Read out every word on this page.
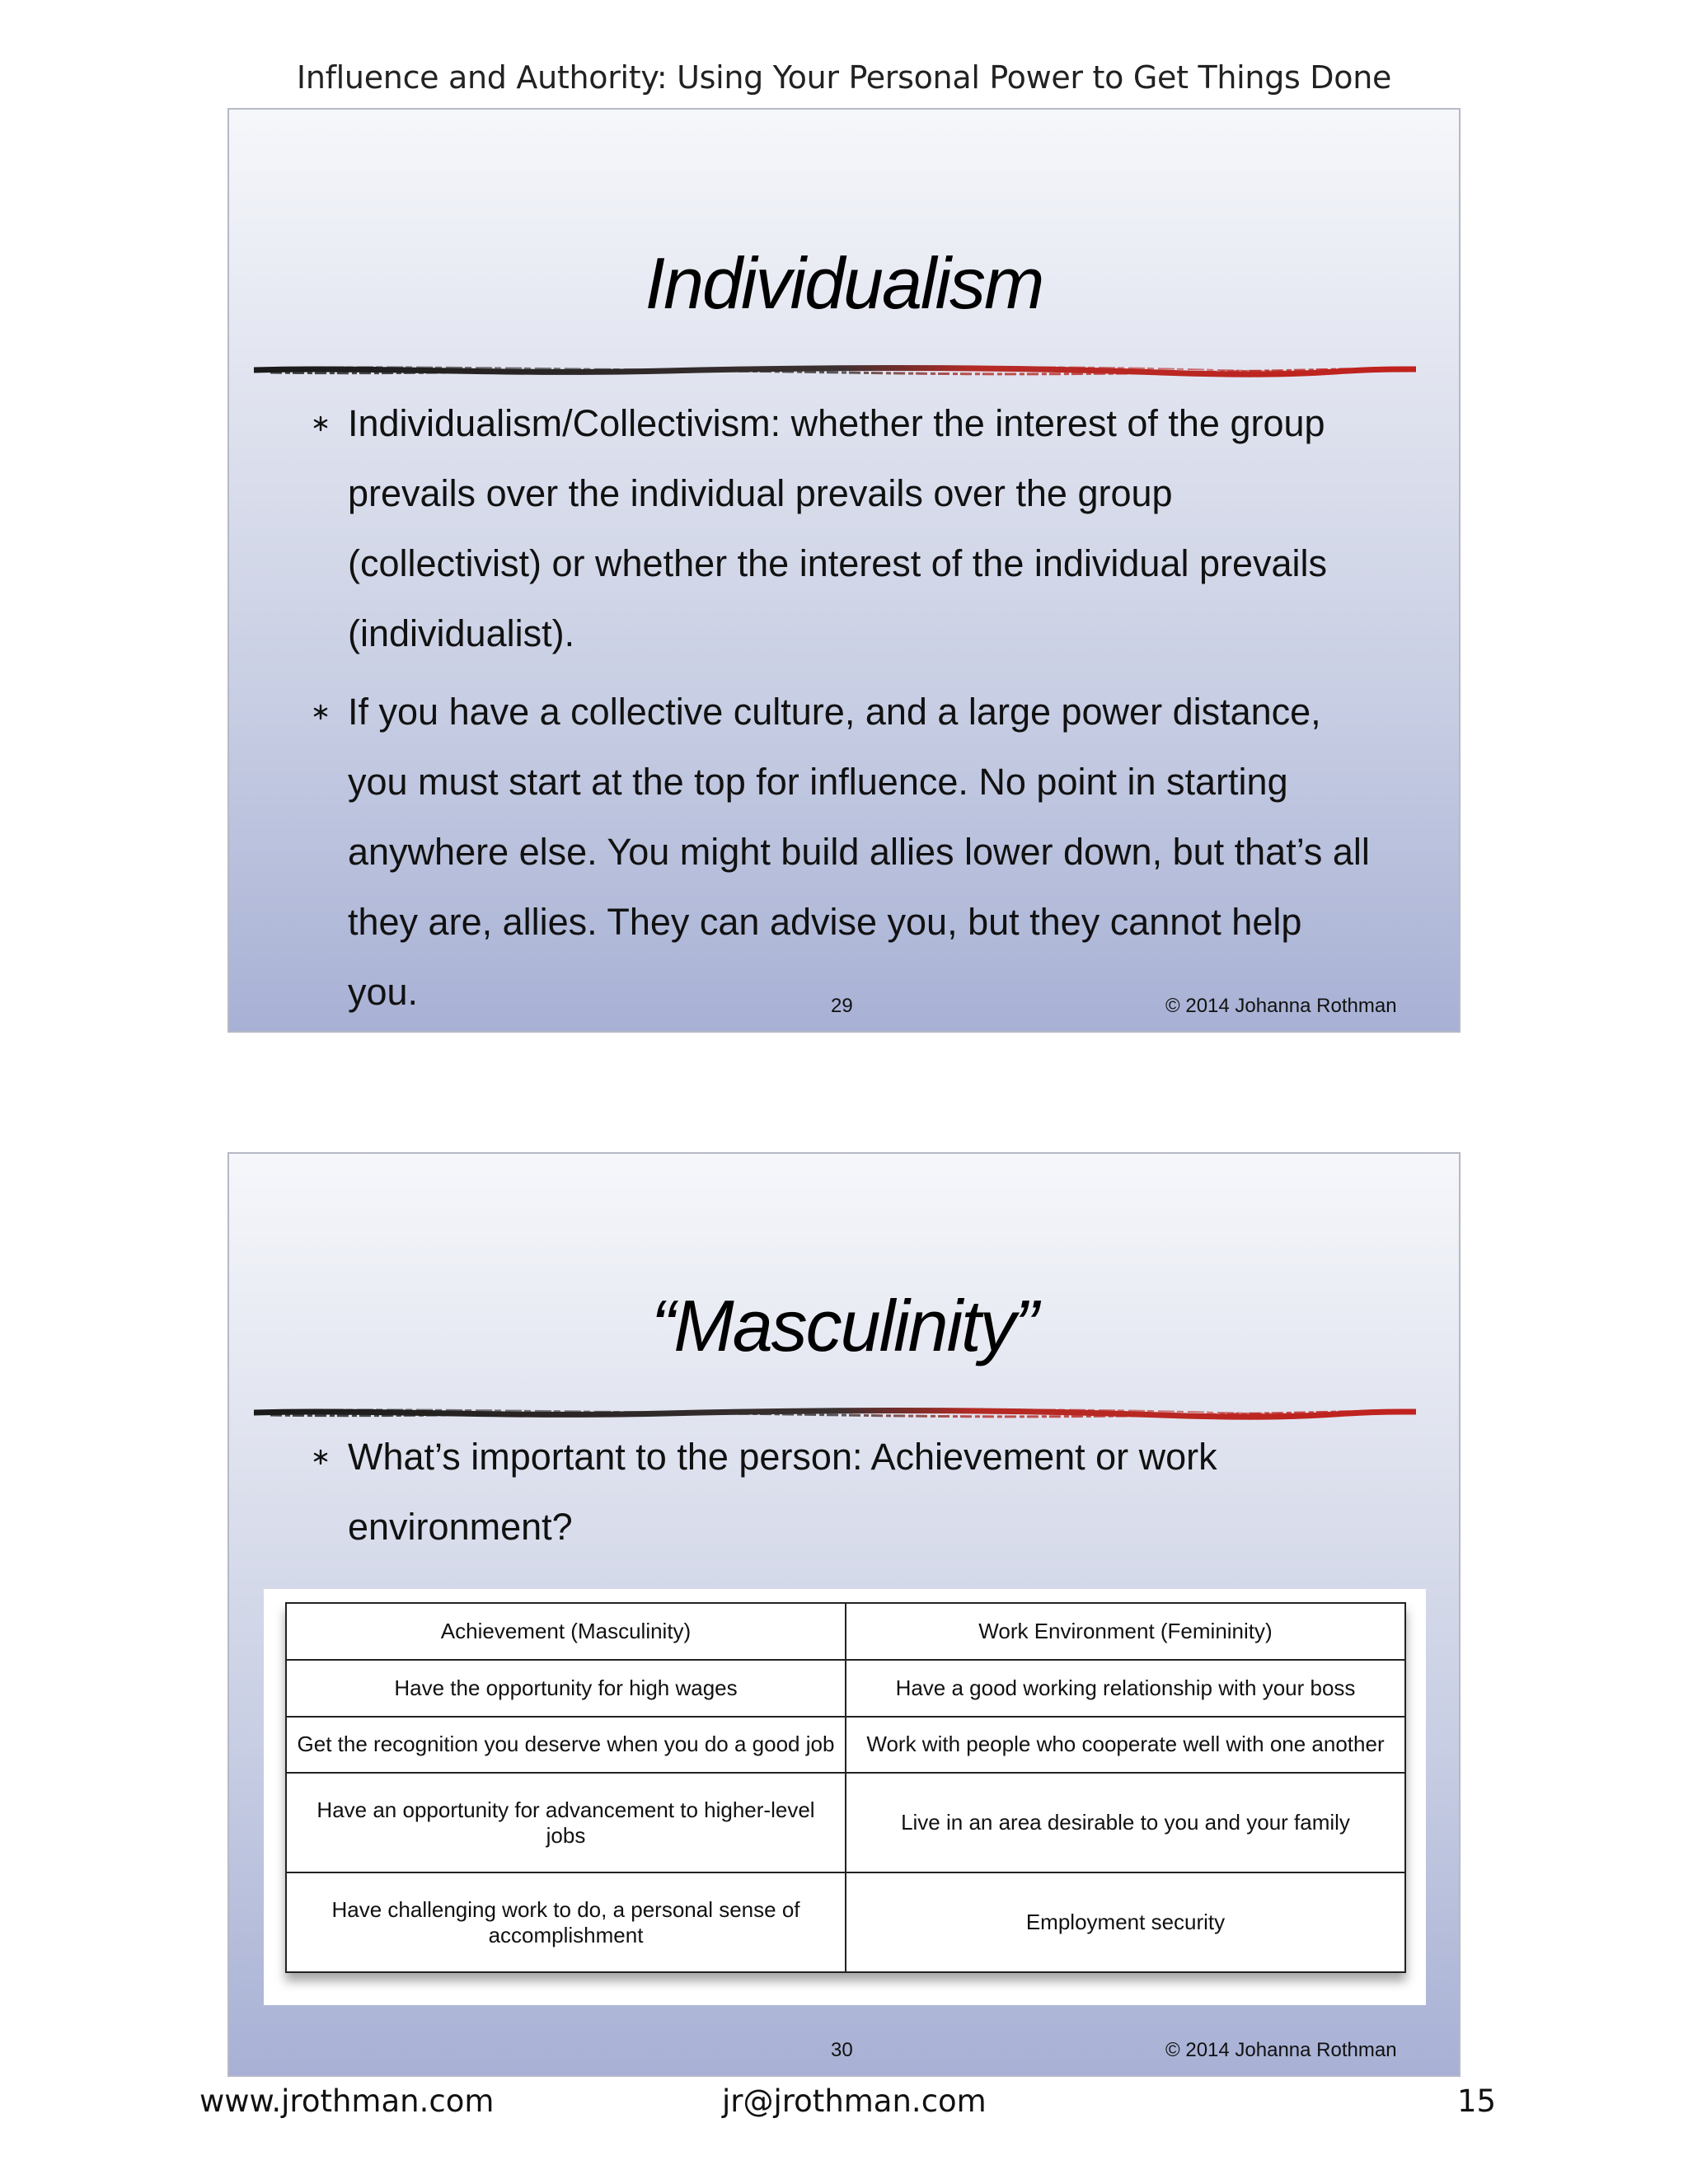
Influence and Authority: Using Your Personal Power to Get Things Done
Individualism
Individualism/Collectivism: whether the interest of the group
prevails over the individual prevails over the group
(collectivist) or whether the interest of the individual prevails
(individualist).
If you have a collective culture, and a large power distance,
you must start at the top for influence. No point in starting
anywhere else. You might build allies lower down, but that’s all
they are, allies. They can advise you, but they cannot help you.	29	© 2014 Johanna Rothman
“Masculinity”
What’s important to the person: Achievement or work
environment?
Achievement (Masculinity)	Work Environment (Femininity)
Have the opportunity for high wages	Have a good working relationship with your boss
Get the recognition you deserve when you do a good job	Work with people who cooperate well with one another
Have an opportunity for advancement to higher-level jobs	Live in an area desirable to you and your family
Have challenging work to do, a personal sense of accomplishment	Employment security
30	© 2014 Johanna Rothman
www.jrothman.com	jr@jrothman.com	15
